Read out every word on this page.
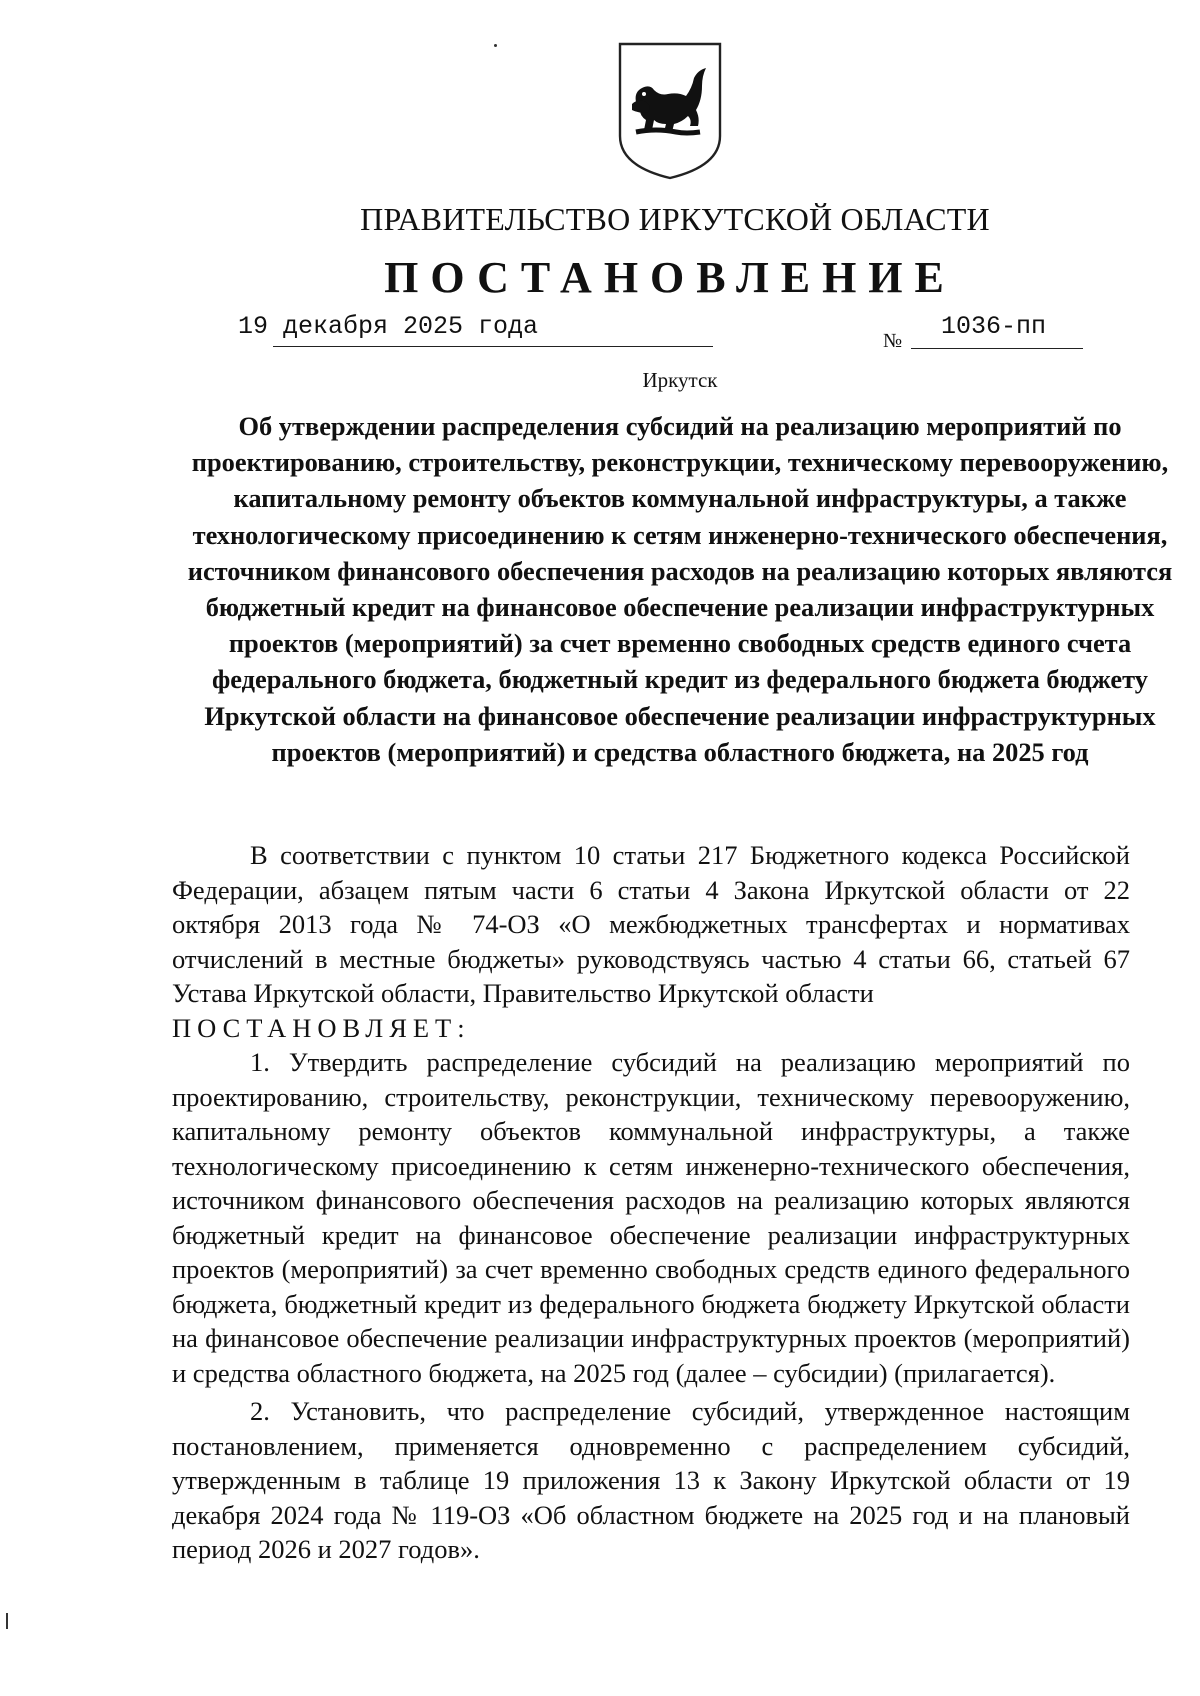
ПРАВИТЕЛЬСТВО ИРКУТСКОЙ ОБЛАСТИ
ПОСТАНОВЛЕНИЕ
19 декабря 2025 года	№ 1036-пп
Иркутск

Об утверждении распределения субсидий на реализацию мероприятий по проектированию, строительству, реконструкции, техническому перевооружению, капитальному ремонту объектов коммунальной инфраструктуры, а также технологическому присоединению к сетям инженерно-технического обеспечения, источником финансового обеспечения расходов на реализацию которых являются бюджетный кредит на финансовое обеспечение реализации инфраструктурных проектов (мероприятий) за счет временно свободных средств единого счета федерального бюджета, бюджетный кредит из федерального бюджета бюджету Иркутской области на финансовое обеспечение реализации инфраструктурных проектов (мероприятий) и средства областного бюджета, на 2025 год

В соответствии с пунктом 10 статьи 217 Бюджетного кодекса Российской Федерации, абзацем пятым части 6 статьи 4 Закона Иркутской области от 22 октября 2013 года № 74-ОЗ «О межбюджетных трансфертах и нормативах отчислений в местные бюджеты» руководствуясь частью 4 статьи 66, статьей 67 Устава Иркутской области, Правительство Иркутской области

ПОСТАНОВЛЯЕТ:

1. Утвердить распределение субсидий на реализацию мероприятий по проектированию, строительству, реконструкции, техническому перевооружению, капитальному ремонту объектов коммунальной инфраструктуры, а также технологическому присоединению к сетям инженерно-технического обеспечения, источником финансового обеспечения расходов на реализацию которых являются бюджетный кредит на финансовое обеспечение реализации инфраструктурных проектов (мероприятий) за счет временно свободных средств единого федерального бюджета, бюджетный кредит из федерального бюджета бюджету Иркутской области на финансовое обеспечение реализации инфраструктурных проектов (мероприятий) и средства областного бюджета, на 2025 год (далее – субсидии) (прилагается).

2. Установить, что распределение субсидий, утвержденное настоящим постановлением, применяется одновременно с распределением субсидий, утвержденным в таблице 19 приложения 13 к Закону Иркутской области от 19 декабря 2024 года № 119-ОЗ «Об областном бюджете на 2025 год и на плановый период 2026 и 2027 годов».
